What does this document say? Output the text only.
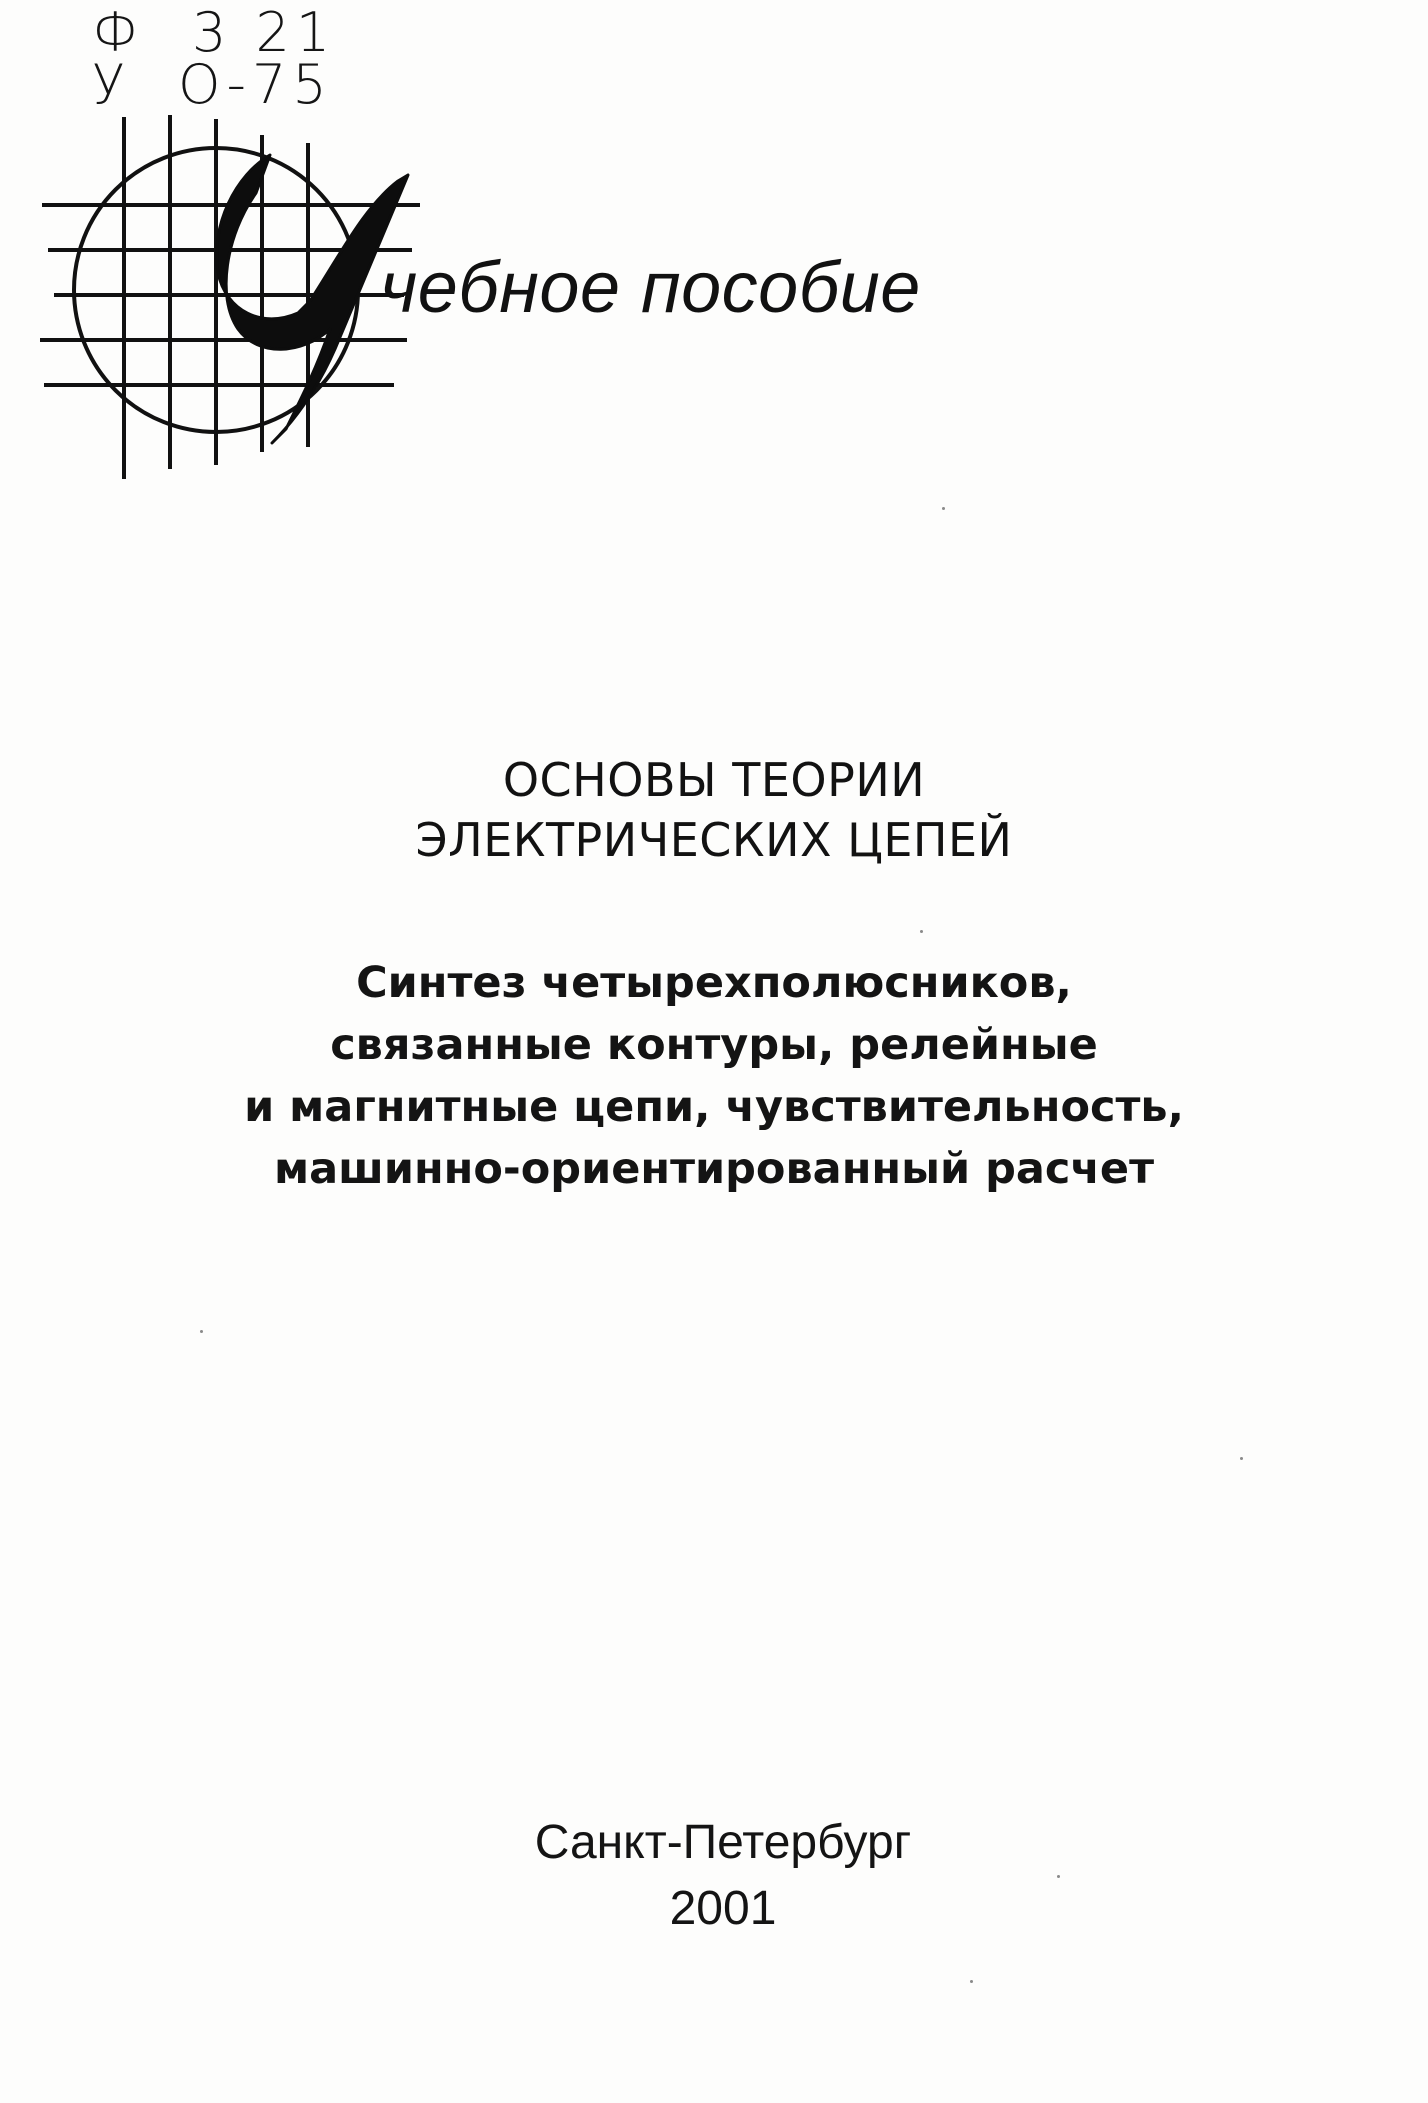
Ф 3 21
У О-75
чебное пособие
ОСНОВЫ ТЕОРИИ
ЭЛЕКТРИЧЕСКИХ ЦЕПЕЙ
Синтез четырехполюсников,
связанные контуры, релейные
и магнитные цепи, чувствительность,
машинно-ориентированный расчет
Санкт-Петербург
2001
